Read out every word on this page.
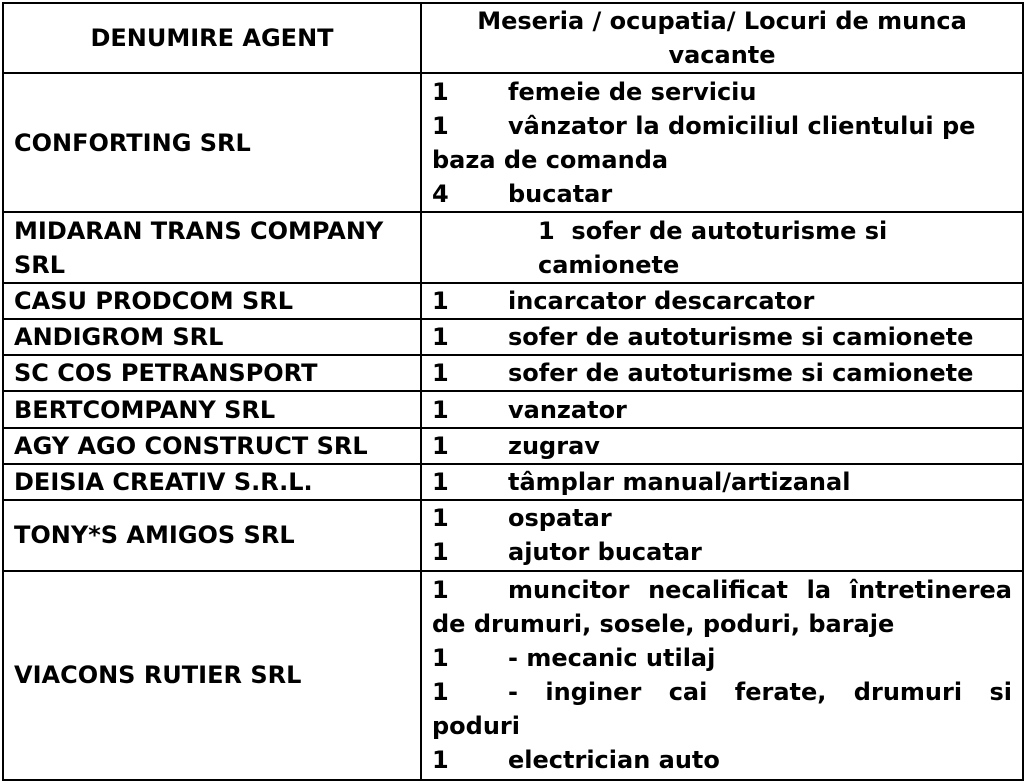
DENUMIRE AGENT	Meseria / ocupatia/ Locuri de munca vacante
CONFORTING SRL	1 femeie de serviciu
1 vânzator la domiciliul clientului pe baza de comanda
4 bucatar

MIDARAN TRANS COMPANY SRL	1 sofer de autoturisme si camionete

CASU PRODCOM SRL	1 incarcator descarcator

ANDIGROM SRL	1 sofer de autoturisme si camionete

SC COS PETRANSPORT	1 sofer de autoturisme si camionete

BERTCOMPANY SRL	1 vanzator

AGY AGO CONSTRUCT SRL	1 zugrav

DEISIA CREATIV S.R.L.	1 tâmplar manual/artizanal

TONY*S AMIGOS SRL	1 ospatar
1 ajutor bucatar

VIACONS RUTIER SRL	1 muncitor necalificat la întretinerea de drumuri, sosele, poduri, baraje
1 - mecanic utilaj
1 - inginer cai ferate, drumuri si poduri
1 electrician auto
